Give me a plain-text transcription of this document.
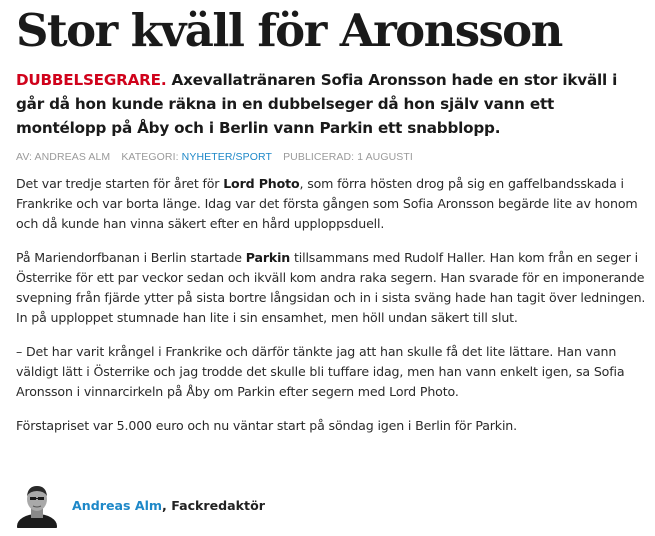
Stor kväll för Aronsson

DUBBELSEGRARE. Axevallatränaren Sofia Aronsson hade en stor ikväll i går då hon kunde räkna in en dubbelseger då hon själv vann ett montélopp på Åby och i Berlin vann Parkin ett snabblopp.

AV: ANDREAS ALM KATEGORI: NYHETER/SPORT PUBLICERAD: 1 AUGUSTI

Det var tredje starten för året för Lord Photo, som förra hösten drog på sig en gaffelbandsskada i Frankrike och var borta länge. Idag var det första gången som Sofia Aronsson begärde lite av honom och då kunde han vinna säkert efter en hård upploppsduell.

På Mariendorfbanan i Berlin startade Parkin tillsammans med Rudolf Haller. Han kom från en seger i Österrike för ett par veckor sedan och ikväll kom andra raka segern. Han svarade för en imponerande svepning från fjärde ytter på sista bortre långsidan och in i sista sväng hade han tagit över ledningen. In på upploppet stumnade han lite i sin ensamhet, men höll undan säkert till slut.

– Det har varit krångel i Frankrike och därför tänkte jag att han skulle få det lite lättare. Han vann väldigt lätt i Österrike och jag trodde det skulle bli tuffare idag, men han vann enkelt igen, sa Sofia Aronsson i vinnarcirkeln på Åby om Parkin efter segern med Lord Photo.

Förstapriset var 5.000 euro och nu väntar start på söndag igen i Berlin för Parkin.

Andreas Alm, Fackredaktör
